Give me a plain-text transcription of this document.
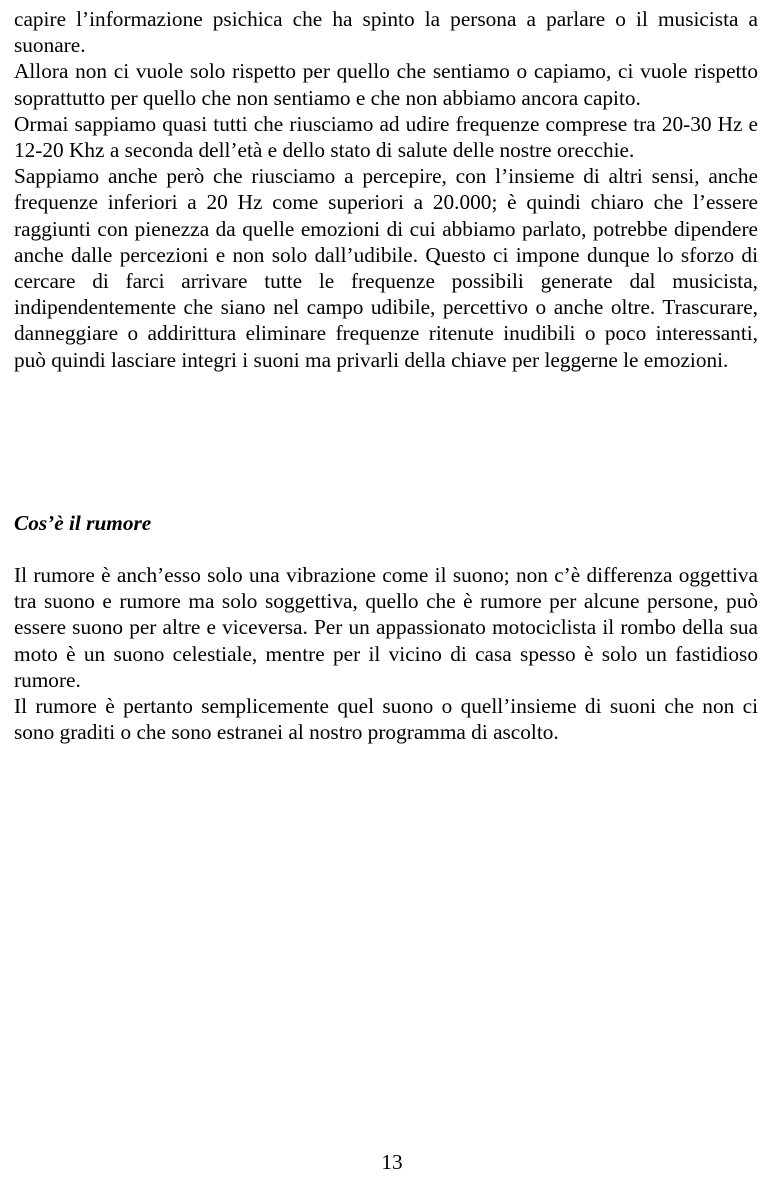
capire l’informazione psichica che ha spinto la persona a parlare o il musicista a suonare.

Allora non ci vuole solo rispetto per quello che sentiamo o capiamo, ci vuole rispetto soprattutto per quello che non sentiamo e che non abbiamo ancora capito.

Ormai sappiamo quasi tutti che riusciamo ad udire frequenze comprese tra 20-30 Hz e 12-20 Khz a seconda dell’età e dello stato di salute delle nostre orecchie.

Sappiamo anche però che riusciamo a percepire, con l’insieme di altri sensi, anche frequenze inferiori a 20 Hz come superiori a 20.000; è quindi chiaro che l’essere raggiunti con pienezza da quelle emozioni di cui abbiamo parlato, potrebbe dipendere anche dalle percezioni e non solo dall’udibile. Questo ci impone dunque lo sforzo di cercare di farci arrivare tutte le frequenze possibili generate dal musicista, indipendentemente che siano nel campo udibile, percettivo o anche oltre. Trascurare, danneggiare o addirittura eliminare frequenze ritenute inudibili o poco interessanti, può quindi lasciare integri i suoni ma privarli della chiave per leggerne le emozioni.

Cos’è il rumore

Il rumore è anch’esso solo una vibrazione come il suono; non c’è differenza oggettiva tra suono e rumore ma solo soggettiva, quello che è rumore per alcune persone, può essere suono per altre e viceversa. Per un appassionato motociclista il rombo della sua moto è un suono celestiale, mentre per il vicino di casa spesso è solo un fastidioso rumore.

Il rumore è pertanto semplicemente quel suono o quell’insieme di suoni che non ci sono graditi o che sono estranei al nostro programma di ascolto.

13
